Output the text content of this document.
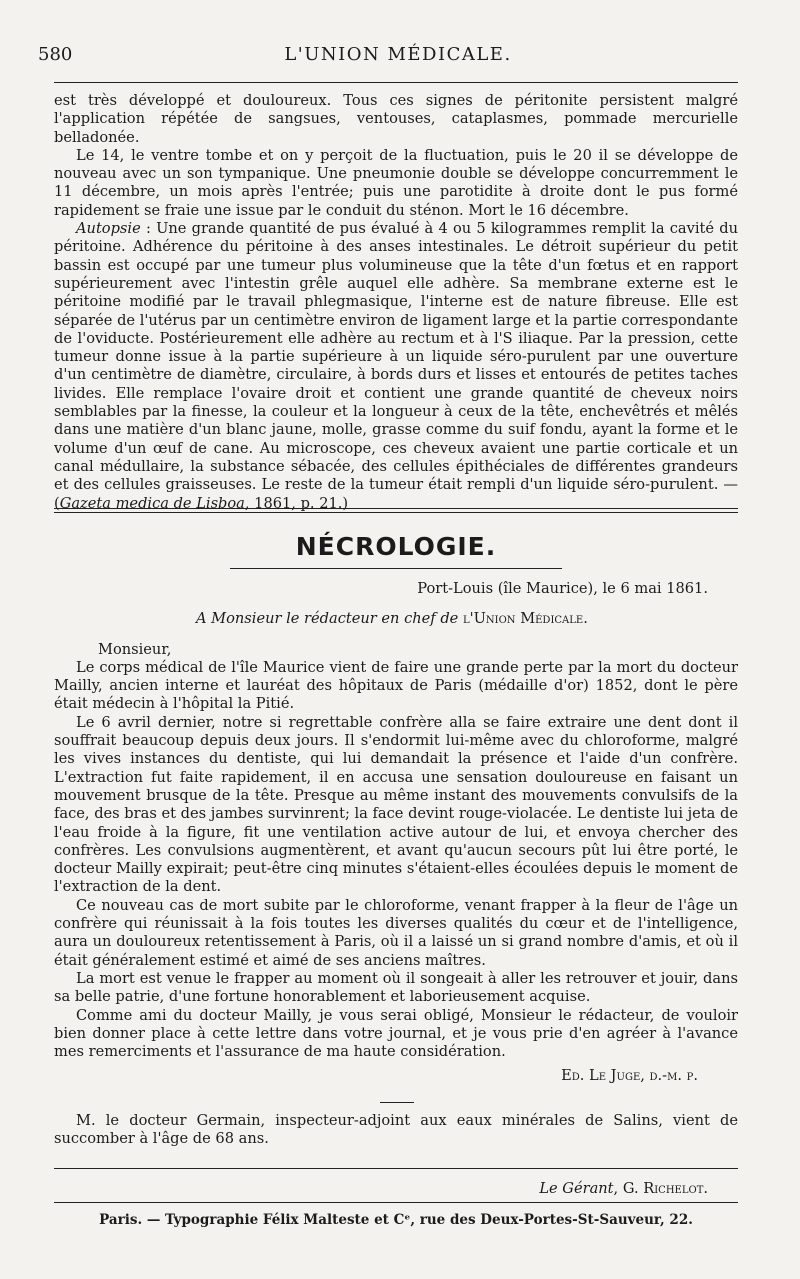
580	L'UNION MÉDICALE.

est très développé et douloureux. Tous ces signes de péritonite persistent malgré l'application répétée de sangsues, ventouses, cataplasmes, pommade mercurielle belladonée.

Le 14, le ventre tombe et on y perçoit de la fluctuation, puis le 20 il se développe de nouveau avec un son tympanique. Une pneumonie double se développe concurremment le 11 décembre, un mois après l'entrée; puis une parotidite à droite dont le pus formé rapidement se fraie une issue par le conduit du sténon. Mort le 16 décembre.

Autopsie : Une grande quantité de pus évalué à 4 ou 5 kilogrammes remplit la cavité du péritoine. Adhérence du péritoine à des anses intestinales. Le détroit supérieur du petit bassin est occupé par une tumeur plus volumineuse que la tête d'un fœtus et en rapport supérieurement avec l'intestin grêle auquel elle adhère. Sa membrane externe est le péritoine modifié par le travail phlegmasique, l'interne est de nature fibreuse. Elle est séparée de l'utérus par un centimètre environ de ligament large et la partie correspondante de l'oviducte. Postérieurement elle adhère au rectum et à l'S iliaque. Par la pression, cette tumeur donne issue à la partie supérieure à un liquide séro-purulent par une ouverture d'un centimètre de diamètre, circulaire, à bords durs et lisses et entourés de petites taches livides. Elle remplace l'ovaire droit et contient une grande quantité de cheveux noirs semblables par la finesse, la couleur et la longueur à ceux de la tête, enchevêtrés et mêlés dans une matière d'un blanc jaune, molle, grasse comme du suif fondu, ayant la forme et le volume d'un œuf de cane. Au microscope, ces cheveux avaient une partie corticale et un canal médullaire, la substance sébacée, des cellules épithéciales de différentes grandeurs et des cellules graisseuses. Le reste de la tumeur était rempli d'un liquide séro-purulent. — (Gazeta medica de Lisboa, 1861, p. 21.)

NÉCROLOGIE.

Port-Louis (île Maurice), le 6 mai 1861.

A Monsieur le rédacteur en chef de l'Union Médicale.

Monsieur,

Le corps médical de l'île Maurice vient de faire une grande perte par la mort du docteur Mailly, ancien interne et lauréat des hôpitaux de Paris (médaille d'or) 1852, dont le père était médecin à l'hôpital la Pitié.

Le 6 avril dernier, notre si regrettable confrère alla se faire extraire une dent dont il souffrait beaucoup depuis deux jours. Il s'endormit lui-même avec du chloroforme, malgré les vives instances du dentiste, qui lui demandait la présence et l'aide d'un confrère. L'extraction fut faite rapidement, il en accusa une sensation douloureuse en faisant un mouvement brusque de la tête. Presque au même instant des mouvements convulsifs de la face, des bras et des jambes survinrent; la face devint rouge-violacée. Le dentiste lui jeta de l'eau froide à la figure, fit une ventilation active autour de lui, et envoya chercher des confrères. Les convulsions augmentèrent, et avant qu'aucun secours pût lui être porté, le docteur Mailly expirait; peut-être cinq minutes s'étaient-elles écoulées depuis le moment de l'extraction de la dent.

Ce nouveau cas de mort subite par le chloroforme, venant frapper à la fleur de l'âge un confrère qui réunissait à la fois toutes les diverses qualités du cœur et de l'intelligence, aura un douloureux retentissement à Paris, où il a laissé un si grand nombre d'amis, et où il était généralement estimé et aimé de ses anciens maîtres.

La mort est venue le frapper au moment où il songeait à aller les retrouver et jouir, dans sa belle patrie, d'une fortune honorablement et laborieusement acquise.

Comme ami du docteur Mailly, je vous serai obligé, Monsieur le rédacteur, de vouloir bien donner place à cette lettre dans votre journal, et je vous prie d'en agréer à l'avance mes remerciments et l'assurance de ma haute considération.

Ed. Le Juge, d.-m. p.

M. le docteur Germain, inspecteur-adjoint aux eaux minérales de Salins, vient de succomber à l'âge de 68 ans.

Le Gérant, G. Richelot.
Paris. — Typographie Félix Malteste et Cᵉ, rue des Deux-Portes-St-Sauveur, 22.
